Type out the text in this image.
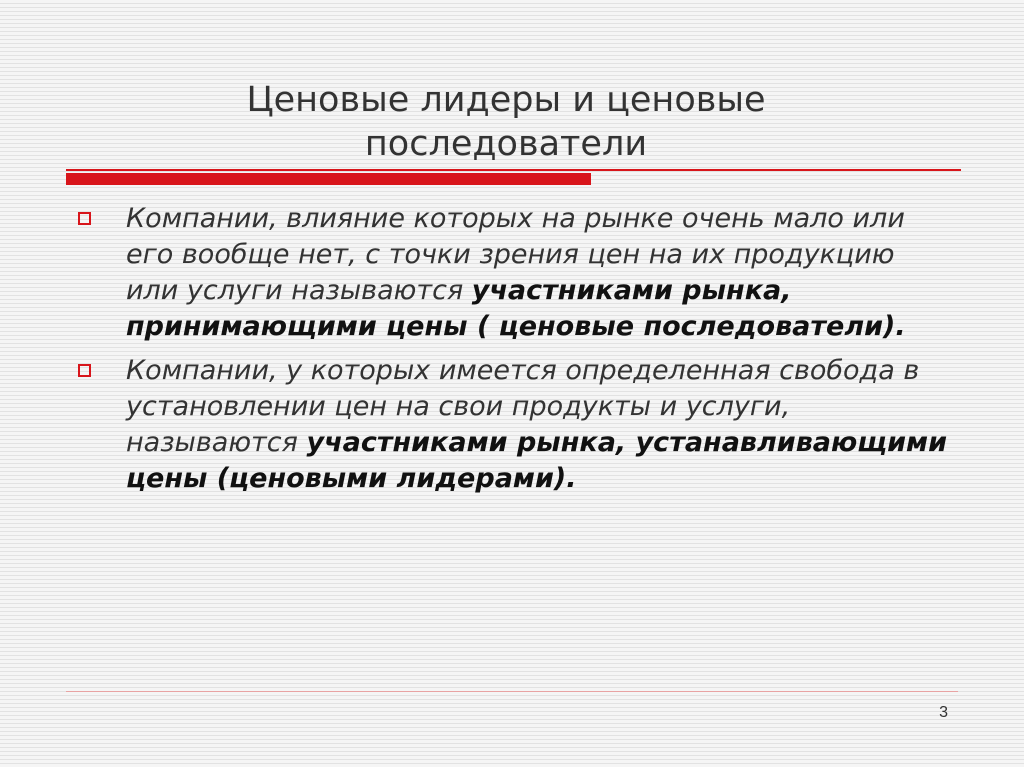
Ценовые лидеры и ценовые
последователи
Компании, влияние которых на рынке очень мало или его вообще нет, с точки зрения цен на их продукцию или услуги называются участниками рынка, принимающими цены ( ценовые последователи).
Компании, у которых имеется определенная свобода в установлении цен на свои продукты и услуги, называются участниками рынка, устанавливающими цены (ценовыми лидерами).
3
